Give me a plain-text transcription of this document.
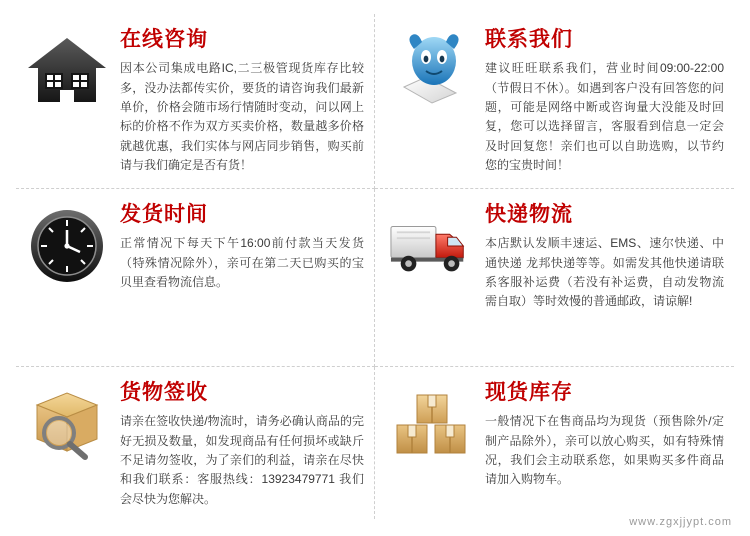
在线咨询
因本公司集成电路IC,二三极管现货库存比较多，没办法都传实价，要货的请咨询我们最新单价，价格会随市场行情随时变动，问以网上标的价格不作为双方买卖价格，数量越多价格就越优惠，我们实体与网店同步销售，购买前请与我们确定是否有货！
联系我们
建议旺旺联系我们，营业时间09:00-22:00（节假日不休）。如遇到客户没有回答您的问题，可能是网络中断或咨询量大没能及时回复，您可以选择留言，客服看到信息一定会及时回复您！亲们也可以自助选购，以节约您的宝贵时间！
发货时间
正常情况下每天下午16:00前付款当天发货（特殊情况除外），亲可在第二天已购买的宝贝里查看物流信息。
快递物流
本店默认发顺丰速运、EMS、速尔快递、中通快递 龙邦快递等等。如需发其他快递请联系客服补运费（若没有补运费，自动发物流需自取）等时效慢的普通邮政，请谅解!
货物签收
请亲在签收快递/物流时，请务必确认商品的完好无损及数量，如发现商品有任何损坏或缺斤不足请勿签收，为了亲们的利益，请亲在尽快和我们联系：客服热线：13923479771 我们会尽快为您解决。
现货库存
一般情况下在售商品均为现货（预售除外/定制产品除外），亲可以放心购买，如有特殊情况，我们会主动联系您，如果购买多件商品请加入购物车。
www.zgxjjypt.com
